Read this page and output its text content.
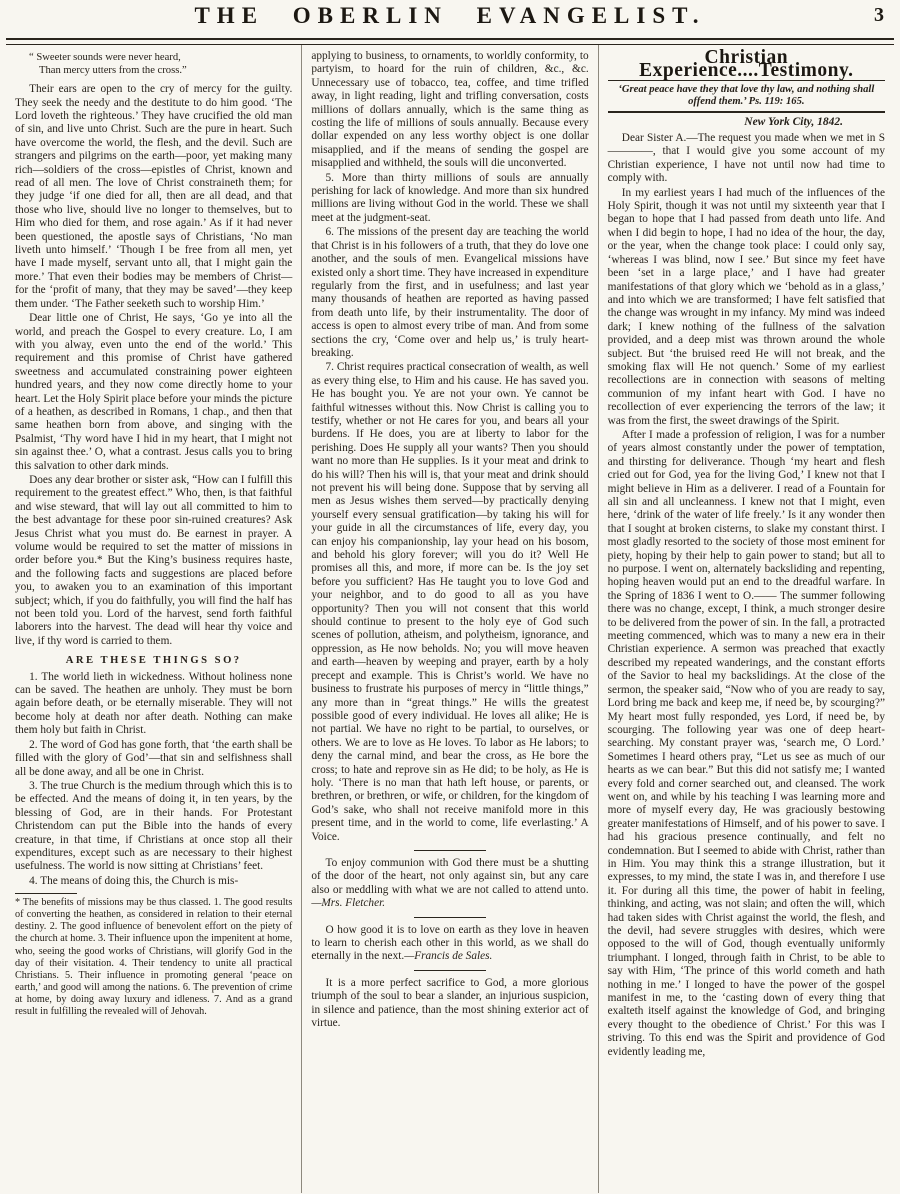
THE OBERLIN EVANGELIST.	3
“ Sweeter sounds were never heard,
Than mercy utters from the cross.”

Their ears are open to the cry of mercy for the guilty. They seek the needy and the destitute to do him good. ‘The Lord loveth the righteous.’ They have crucified the old man of sin, and live unto Christ. Such are the pure in heart. Such have overcome the world, the flesh, and the devil. Such are strangers and pilgrims on the earth—poor, yet making many rich—soldiers of the cross—epistles of Christ, known and read of all men. The love of Christ constraineth them; for they judge ‘if one died for all, then are all dead, and that those who live, should live no longer to themselves, but to Him who died for them, and rose again.’ As if it had never been questioned, the apostle says of Christians, ‘No man liveth unto himself.’ ‘Though I be free from all men, yet have I made myself, servant unto all, that I might gain the more.’ That even their bodies may be members of Christ—for the ‘profit of many, that they may be saved’—they keep them under. ‘The Father seeketh such to worship Him.’

Dear little one of Christ, He says, ‘Go ye into all the world, and preach the Gospel to every creature. Lo, I am with you alway, even unto the end of the world.’ This requirement and this promise of Christ have gathered sweetness and accumulated constraining power eighteen hundred years, and they now come directly home to your heart. Let the Holy Spirit place before your minds the picture of a heathen, as described in Romans, 1 chap., and then that same heathen born from above, and singing with the Psalmist, ‘Thy word have I hid in my heart, that I might not sin against thee.’ O, what a contrast. Jesus calls you to bring this salvation to other dark minds.

Does any dear brother or sister ask, “How can I fulfill this requirement to the greatest effect.” Who, then, is that faithful and wise steward, that will lay out all committed to him to the best advantage for these poor sin-ruined creatures? Ask Jesus Christ what you must do. Be earnest in prayer. A volume would be required to set the matter of missions in order before you.* But the King’s business requires haste, and the following facts and suggestions are placed before you, to awaken you to an examination of this important subject; which, if you do faithfully, you will find the half has not been told you. Lord of the harvest, send forth faithful laborers into the harvest. The dead will hear thy voice and live, if thy word is carried to them.

ARE THESE THINGS SO?

1. The world lieth in wickedness. Without holiness none can be saved. The heathen are unholy. They must be born again before death, or be eternally miserable. They will not become holy at death nor after death. Nothing can make them holy but faith in Christ.

2. The word of God has gone forth, that ‘the earth shall be filled with the glory of God’—that sin and selfishness shall all be done away, and all be one in Christ.

3. The true Church is the medium through which this is to be effected. And the means of doing it, in ten years, by the blessing of God, are in their hands. For Protestant Christendom can put the Bible into the hands of every creature, in that time, if Christians at once stop all their expenditures, except such as are necessary to their highest usefulness. The world is now sitting at Christians’ feet.

4. The means of doing this, the Church is mis-

* The benefits of missions may be thus classed. 1. The good results of converting the heathen, as considered in relation to their eternal destiny. 2. The good influence of benevolent effort on the piety of the church at home. 3. Their influence upon the impenitent at home, who, seeing the good works of Christians, will glorify God in the day of their visitation. 4. Their tendency to unite all practical Christians. 5. Their influence in promoting general ‘peace on earth,’ and good will among the nations. 6. The prevention of crime at home, by doing away luxury and idleness. 7. And as a grand result in fulfilling the revealed will of Jehovah.

applying to business, to ornaments, to worldly conformity, to partyism, to hoard for the ruin of children, &c., &c. Unnecessary use of tobacco, tea, coffee, and time trifled away, in light reading, light and trifling conversation, costs millions of dollars annually, which is the same thing as costing the life of millions of souls annually. Because every dollar expended on any less worthy object is one dollar misapplied, and if the means of sending the gospel are misapplied and withheld, the souls will die unconverted.

5. More than thirty millions of souls are annually perishing for lack of knowledge. And more than six hundred millions are living without God in the world. These we shall meet at the judgment-seat.

6. The missions of the present day are teaching the world that Christ is in his followers of a truth, that they do love one another, and the souls of men. Evangelical missions have existed only a short time. They have increased in expenditure regularly from the first, and in usefulness; and last year many thousands of heathen are reported as having passed from death unto life, by their instrumentality. The door of access is open to almost every tribe of man. And from some sections the cry, ‘Come over and help us,’ is truly heart-breaking.

7. Christ requires practical consecration of wealth, as well as every thing else, to Him and his cause. He has saved you. He has bought you. Ye are not your own. Ye cannot be faithful witnesses without this. Now Christ is calling you to testify, whether or not He cares for you, and bears all your burdens. If He does, you are at liberty to labor for the perishing. Does He supply all your wants? Then you should want no more than He supplies. Is it your meat and drink to do his will? Then his will is, that your meat and drink should not prevent his will being done. Suppose that by serving all men as Jesus wishes them served—by practically denying yourself every sensual gratification—by taking his will for your guide in all the circumstances of life, every day, you can enjoy his companionship, lay your head on his bosom, and behold his glory forever; will you do it? Well He promises all this, and more, if more can be. Is the joy set before you sufficient? Has He taught you to love God and your neighbor, and to do good to all as you have opportunity? Then you will not consent that this world should continue to present to the holy eye of God such scenes of pollution, atheism, and polytheism, ignorance, and oppression, as He now beholds. No; you will move heaven and earth—heaven by weeping and prayer, earth by a holy precept and example. This is Christ’s world. We have no business to frustrate his purposes of mercy in “little things,” any more than in “great things.” He wills the greatest possible good of every individual. He loves all alike; He is not partial. We have no right to be partial, to ourselves, or others. We are to love as He loves. To labor as He labors; to deny the carnal mind, and bear the cross, as He bore the cross; to hate and reprove sin as He did; to be holy, as He is holy. ‘There is no man that hath left house, or parents, or brethren, or brethren, or wife, or children, for the kingdom of God’s sake, who shall not receive manifold more in this present time, and in the world to come, life everlasting.’ A Voice.

To enjoy communion with God there must be a shutting of the door of the heart, not only against sin, but any care also or meddling with what we are not called to attend unto.—Mrs. Fletcher.

O how good it is to love on earth as they love in heaven to learn to cherish each other in this world, as we shall do eternally in the next.—Francis de Sales.

It is a more perfect sacrifice to God, a more glorious triumph of the soul to bear a slander, an injurious suspicion, in silence and patience, than the most shining exterior act of virtue.

Christian Experience....Testimony.

‘Great peace have they that love thy law, and nothing shall offend them.’ Ps. 119: 165.

New York City, 1842.

Dear Sister A.—The request you made when we met in S————, that I would give you some account of my Christian experience, I have not until now had time to comply with.

In my earliest years I had much of the influences of the Holy Spirit, though it was not until my sixteenth year that I began to hope that I had passed from death unto life. And when I did begin to hope, I had no idea of the hour, the day, or the year, when the change took place: I could only say, ‘whereas I was blind, now I see.’ But since my feet have been ‘set in a large place,’ and I have had greater manifestations of that glory which we ‘behold as in a glass,’ and into which we are transformed; I have felt satisfied that the change was wrought in my infancy. My mind was indeed dark; I knew nothing of the fullness of the salvation provided, and a deep mist was thrown around the whole subject. But ‘the bruised reed He will not break, and the smoking flax will He not quench.’ Some of my earliest recollections are in connection with seasons of melting communion of my infant heart with God. I have no recollection of ever experiencing the terrors of the law; it was from the first, the sweet drawings of the Spirit.

After I made a profession of religion, I was for a number of years almost constantly under the power of temptation, and thirsting for deliverance. Though ‘my heart and flesh cried out for God, yea for the living God,’ I knew not that I might believe in Him as a deliverer. I read of a Fountain for all sin and all uncleanness. I knew not that I might, even here, ‘drink of the water of life freely.’ Is it any wonder then that I sought at broken cisterns, to slake my constant thirst. I most gladly resorted to the society of those most eminent for piety, hoping by their help to gain power to stand; but all to no purpose. I went on, alternately backsliding and repenting, hoping heaven would put an end to the dreadful warfare. In the Spring of 1836 I went to O.—— The summer following there was no change, except, I think, a much stronger desire to be delivered from the power of sin. In the fall, a protracted meeting commenced, which was to many a new era in their Christian experience. A sermon was preached that exactly described my repeated wanderings, and the constant efforts of the Savior to heal my backslidings. At the close of the sermon, the speaker said, “Now who of you are ready to say, Lord bring me back and keep me, if need be, by scourging?” My heart most fully responded, yes Lord, if need be, by scourging. The following year was one of deep heart-searching. My constant prayer was, ‘search me, O Lord.’ Sometimes I heard others pray, “Let us see as much of our hearts as we can bear.” But this did not satisfy me; I wanted every fold and corner searched out, and cleansed. The work went on, and while by his teaching I was learning more and more of myself every day, He was graciously bestowing greater manifestations of Himself, and of his power to save. I had his gracious presence continually, and felt no condemnation. But I seemed to abide with Christ, rather than in Him. You may think this a strange illustration, but it expresses, to my mind, the state I was in, and therefore I use it. For during all this time, the power of habit in feeling, thinking, and acting, was not slain; and often the will, which had taken sides with Christ against the world, the flesh, and the devil, had severe struggles with desires, which were opposed to the will of God, though eventually uniformly triumphant. I longed, through faith in Christ, to be able to say with Him, ‘The prince of this world cometh and hath nothing in me.’ I longed to have the power of the gospel manifest in me, to the ‘casting down of every thing that exalteth itself against the knowledge of God, and bringing every thought to the obedience of Christ.’ For this was I striving. To this end was the Spirit and providence of God evidently leading me,
